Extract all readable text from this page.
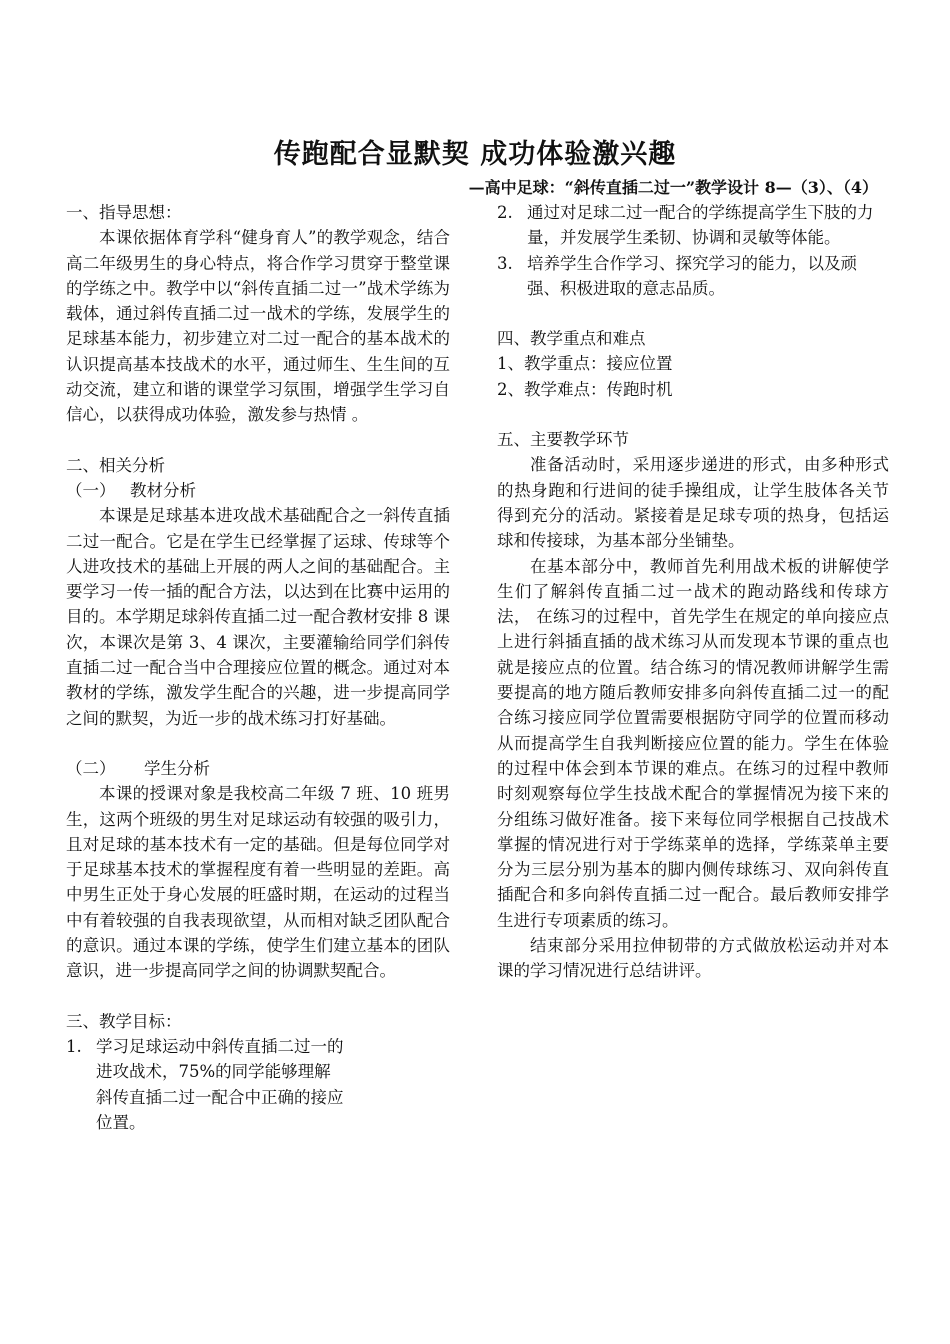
传跑配合显默契 成功体验激兴趣
—高中足球：“斜传直插二过一”教学设计 8—（3）、（4）

一、指导思想：

本课依据体育学科“健身育人”的教学观念，结合高二年级男生的身心特点，将合作学习贯穿于整堂课的学练之中。教学中以“斜传直插二过一”战术学练为载体，通过斜传直插二过一战术的学练，发展学生的足球基本能力，初步建立对二过一配合的基本战术的认识提高基本技战术的水平，通过师生、生生间的互动交流，建立和谐的课堂学习氛围，增强学生学习自信心，以获得成功体验，激发参与热情 。

二、相关分析

（一） 教材分析

本课是足球基本进攻战术基础配合之一斜传直插二过一配合。它是在学生已经掌握了运球、传球等个人进攻技术的基础上开展的两人之间的基础配合。主要学习一传一插的配合方法，以达到在比赛中运用的目的。本学期足球斜传直插二过一配合教材安排 8 课次，本课次是第 3、4 课次，主要灌输给同学们斜传直插二过一配合当中合理接应位置的概念。通过对本教材的学练，激发学生配合的兴趣，进一步提高同学之间的默契，为近一步的战术练习打好基础。

（二） 学生分析

本课的授课对象是我校高二年级 7 班、10 班男生，这两个班级的男生对足球运动有较强的吸引力，且对足球的基本技术有一定的基础。但是每位同学对于足球基本技术的掌握程度有着一些明显的差距。高中男生正处于身心发展的旺盛时期，在运动的过程当中有着较强的自我表现欲望，从而相对缺乏团队配合的意识。通过本课的学练，使学生们建立基本的团队意识，进一步提高同学之间的协调默契配合。

三、教学目标：

1. 学习足球运动中斜传直插二过一的进攻战术，75%的同学能够理解斜传直插二过一配合中正确的接应位置。
2. 通过对足球二过一配合的学练提高学生下肢的力量，并发展学生柔韧、协调和灵敏等体能。
3. 培养学生合作学习、探究学习的能力，以及顽强、积极进取的意志品质。

四、教学重点和难点

1、教学重点：接应位置

2、教学难点：传跑时机

五、主要教学环节

准备活动时，采用逐步递进的形式，由多种形式的热身跑和行进间的徒手操组成，让学生肢体各关节得到充分的活动。紧接着是足球专项的热身，包括运球和传接球，为基本部分坐铺垫。

在基本部分中，教师首先利用战术板的讲解使学生们了解斜传直插二过一战术的跑动路线和传球方法， 在练习的过程中，首先学生在规定的单向接应点上进行斜插直插的战术练习从而发现本节课的重点也就是接应点的位置。结合练习的情况教师讲解学生需要提高的地方随后教师安排多向斜传直插二过一的配合练习接应同学位置需要根据防守同学的位置而移动从而提高学生自我判断接应位置的能力。学生在体验的过程中体会到本节课的难点。在练习的过程中教师时刻观察每位学生技战术配合的掌握情况为接下来的分组练习做好准备。接下来每位同学根据自己技战术掌握的情况进行对于学练菜单的选择，学练菜单主要分为三层分别为基本的脚内侧传球练习、双向斜传直插配合和多向斜传直插二过一配合。最后教师安排学生进行专项素质的练习。

结束部分采用拉伸韧带的方式做放松运动并对本课的学习情况进行总结讲评。
